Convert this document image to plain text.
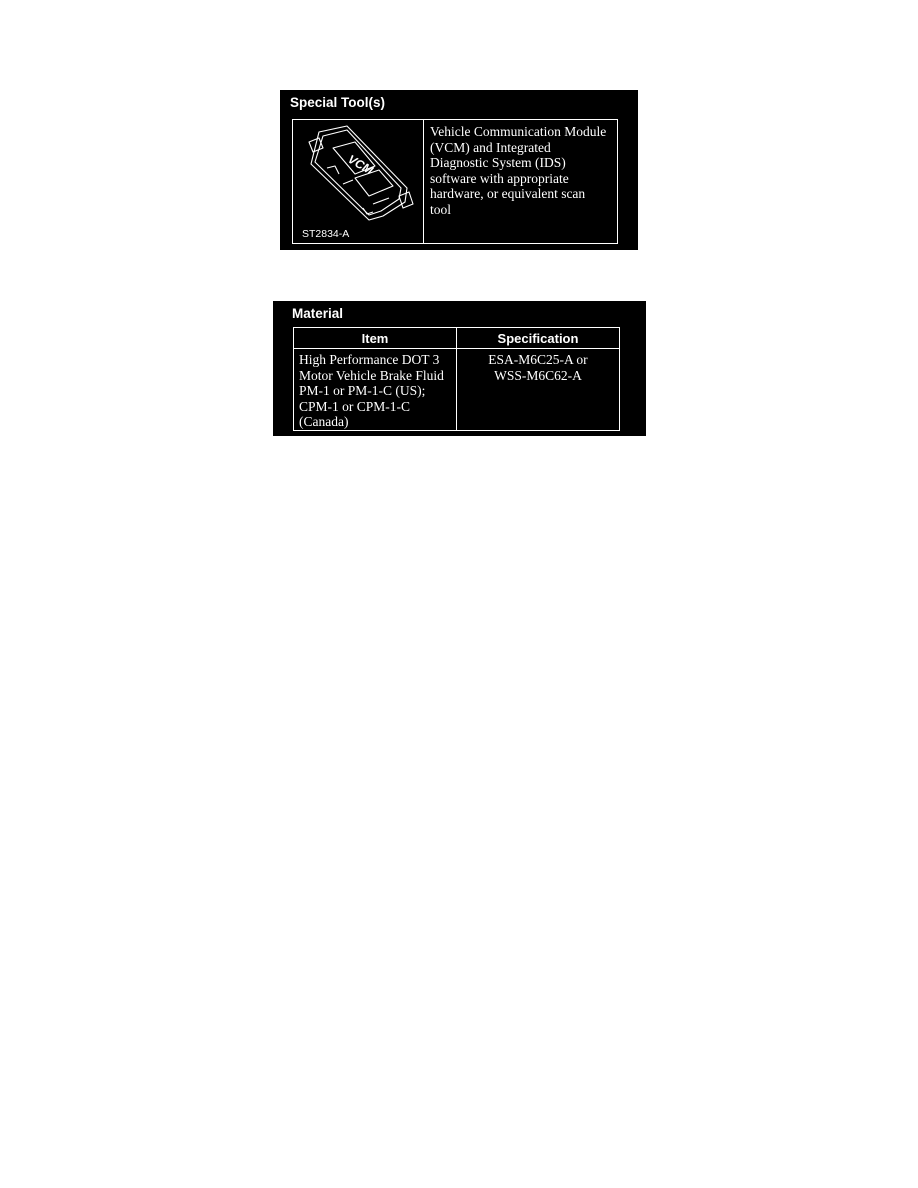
Special Tool(s)
VCM
ST2834-A
Vehicle Communication Module
(VCM) and Integrated
Diagnostic System (IDS)
software with appropriate
hardware, or equivalent scan
tool
Material
Item	Specification
High Performance DOT 3
Motor Vehicle Brake Fluid
PM-1 or PM-1-C (US);
CPM-1 or CPM-1-C
(Canada)
ESA-M6C25-A or
WSS-M6C62-A
